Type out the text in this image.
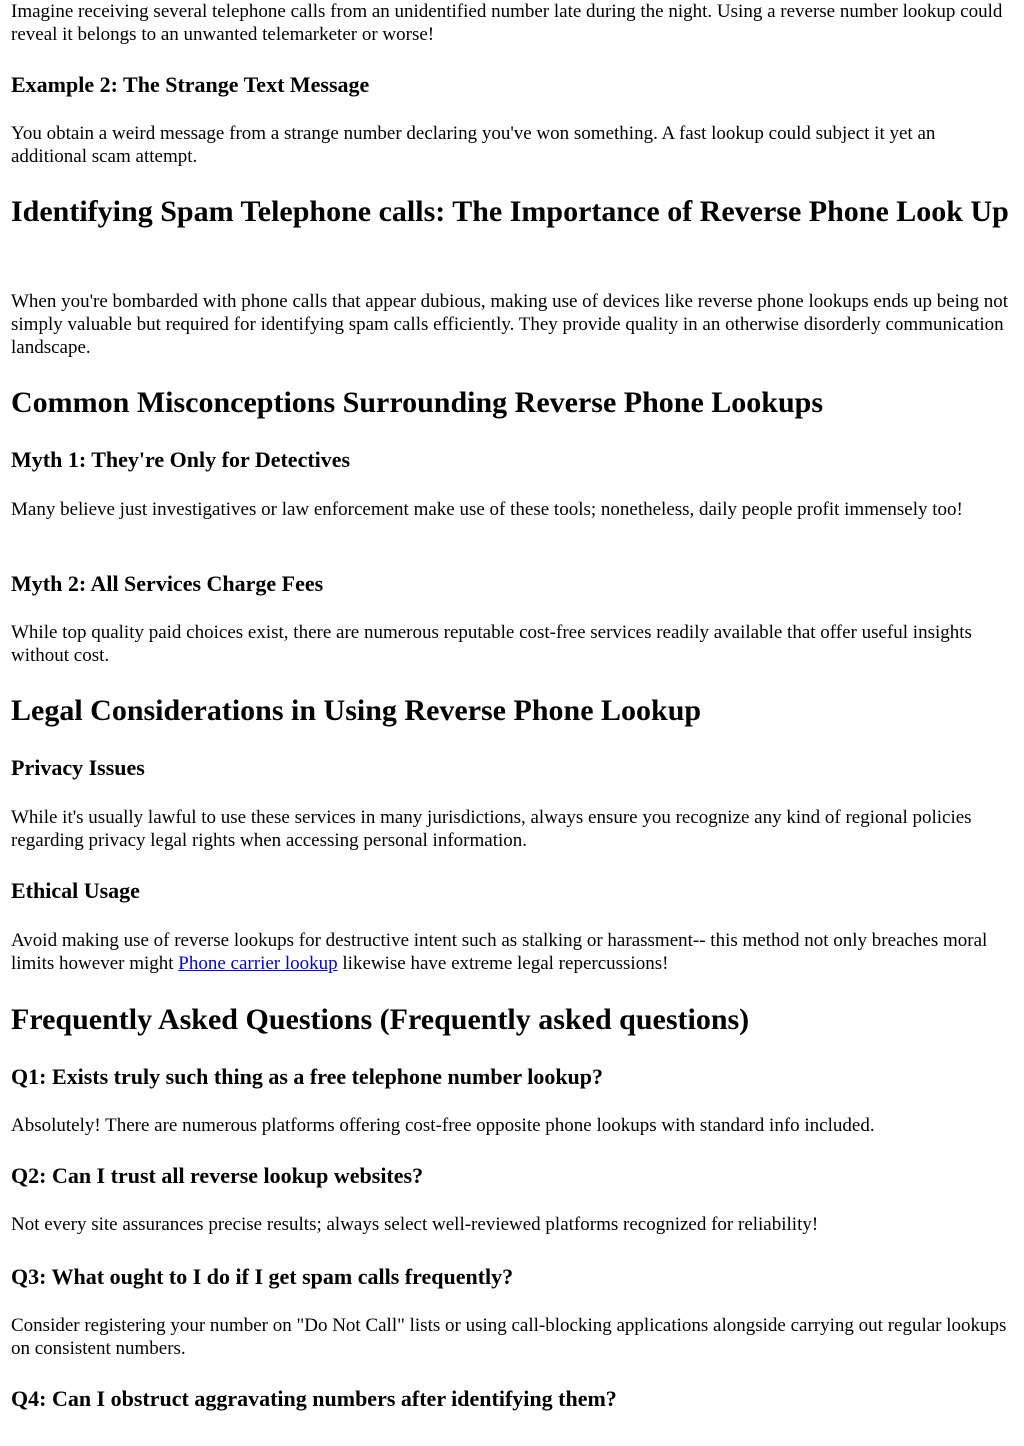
Imagine receiving several telephone calls from an unidentified number late during the night. Using a reverse number lookup could reveal it belongs to an unwanted telemarketer or worse!

Example 2: The Strange Text Message

You obtain a weird message from a strange number declaring you've won something. A fast lookup could subject it yet an additional scam attempt.

Identifying Spam Telephone calls: The Importance of Reverse Phone Look Up

When you're bombarded with phone calls that appear dubious, making use of devices like reverse phone lookups ends up being not simply valuable but required for identifying spam calls efficiently. They provide quality in an otherwise disorderly communication landscape.

Common Misconceptions Surrounding Reverse Phone Lookups
Myth 1: They're Only for Detectives

Many believe just investigatives or law enforcement make use of these tools; nonetheless, daily people profit immensely too!

Myth 2: All Services Charge Fees

While top quality paid choices exist, there are numerous reputable cost-free services readily available that offer useful insights without cost.

Legal Considerations in Using Reverse Phone Lookup
Privacy Issues

While it's usually lawful to use these services in many jurisdictions, always ensure you recognize any kind of regional policies regarding privacy legal rights when accessing personal information.

Ethical Usage

Avoid making use of reverse lookups for destructive intent such as stalking or harassment-- this method not only breaches moral limits however might Phone carrier lookup likewise have extreme legal repercussions!

Frequently Asked Questions (Frequently asked questions)
Q1: Exists truly such thing as a free telephone number lookup?

Absolutely! There are numerous platforms offering cost-free opposite phone lookups with standard info included.

Q2: Can I trust all reverse lookup websites?

Not every site assurances precise results; always select well-reviewed platforms recognized for reliability!

Q3: What ought to I do if I get spam calls frequently?

Consider registering your number on "Do Not Call" lists or using call-blocking applications alongside carrying out regular lookups on consistent numbers.

Q4: Can I obstruct aggravating numbers after identifying them?
